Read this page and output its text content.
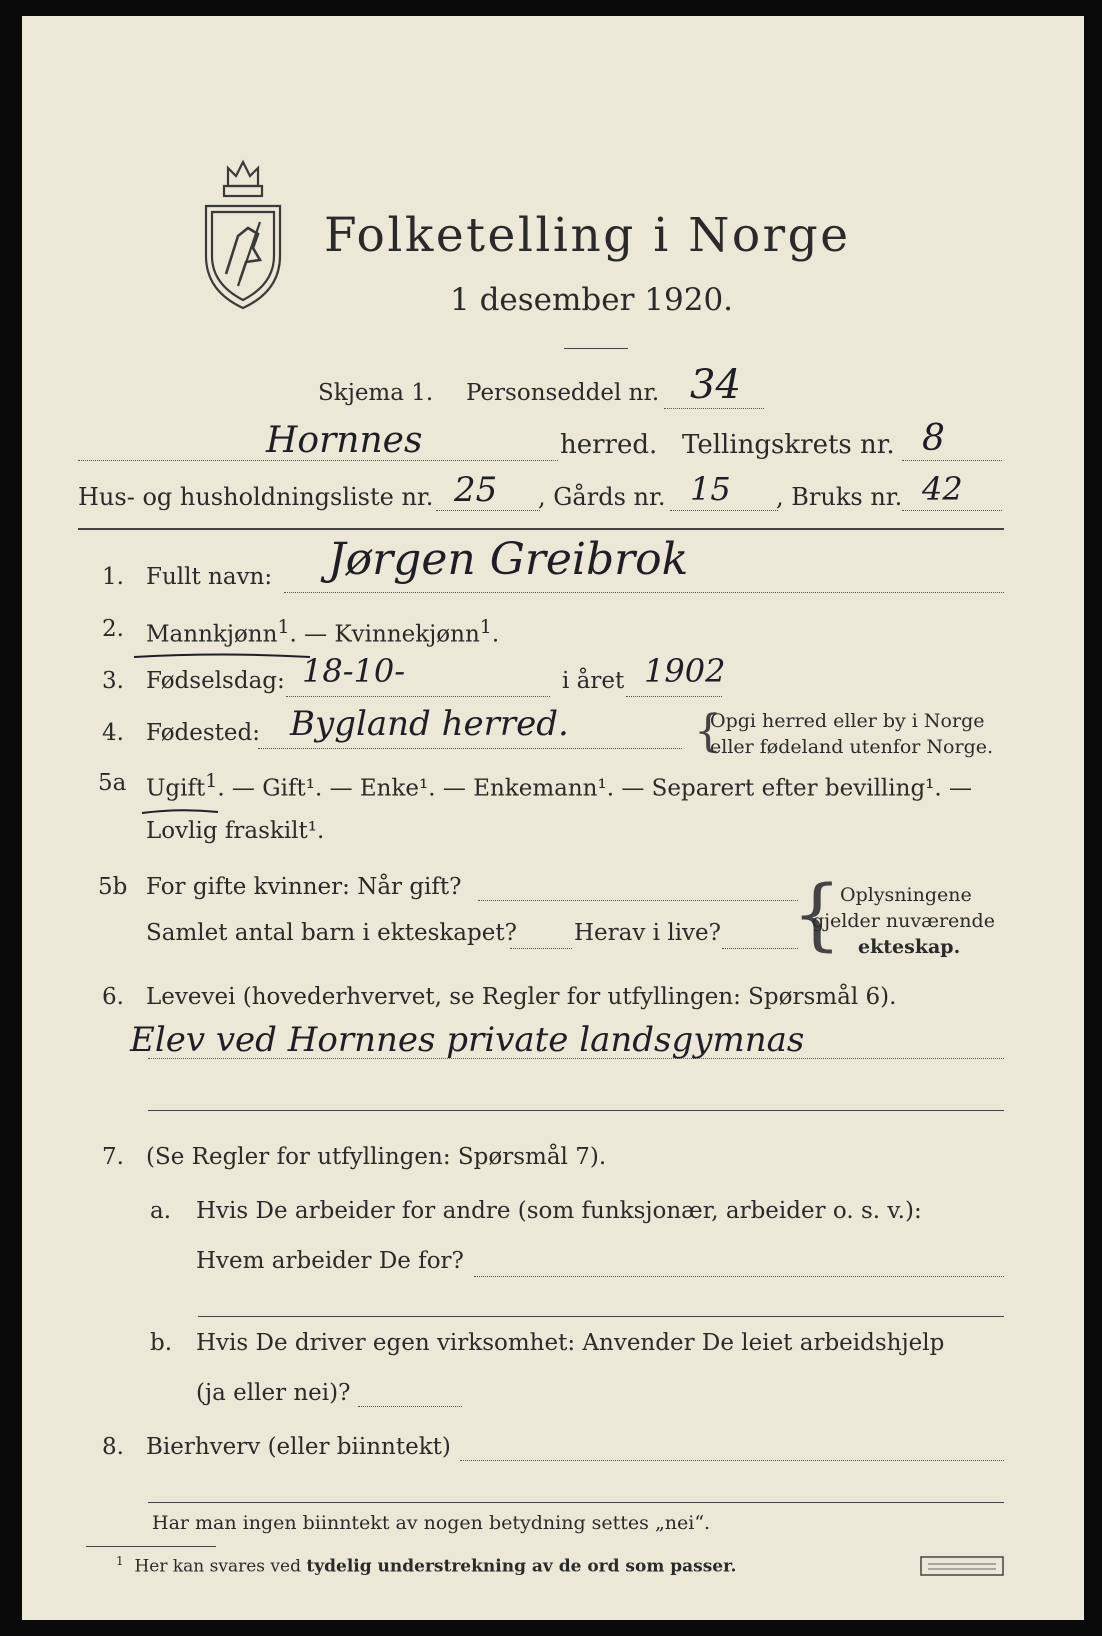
Folketelling i Norge
1 desember 1920.
Skjema 1. Personseddel nr. 34
Hornnes	herred. Tellingskrets nr. 8
Hus- og husholdningsliste nr. 25 , Gårds nr. 15 , Bruks nr. 42
1. Fullt navn: Jørgen Greibrok
2. Mannkjønn$^1$. — Kvinnekjønn$^1$.
3. Fødselsdag: 18-10-	i året 1902
4. Fødested: Bygland herred.	{
Opgi herred eller by i Norge
eller fødeland utenfor Norge.
5a Ugift$^1$. — Gift¹. — Enke¹. — Enkemann¹. — Separert efter bevilling¹. —
Lovlig fraskilt¹.
5b For gifte kvinner: Når gift?
Samlet antal barn i ekteskapet? Herav i live? {
Oplysningene
gjelder nuværende
ekteskap.
6. Levevei (hovederhvervet, se Regler for utfyllingen: Spørsmål 6).
Elev ved Hornnes private landsgymnas
7. (Se Regler for utfyllingen: Spørsmål 7).
a. Hvis De arbeider for andre (som funksjonær, arbeider o. s. v.):
Hvem arbeider De for?
b. Hvis De driver egen virksomhet: Anvender De leiet arbeidshjelp
(ja eller nei)?
8. Bierhverv (eller biinntekt)
Har man ingen biinntekt av nogen betydning settes „nei“.
$^1$ Her kan svares ved tydelig understrekning av de ord som passer.
